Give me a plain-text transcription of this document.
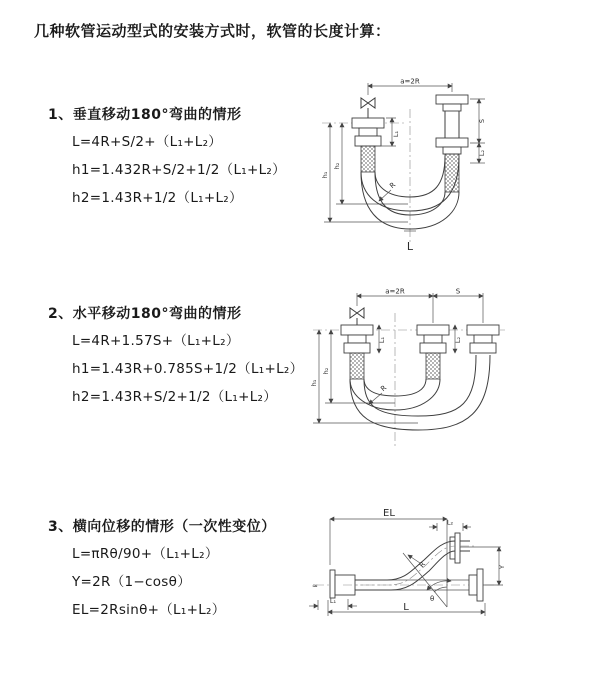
几种软管运动型式的安装方式时，软管的长度计算：
1、垂直移动180°弯曲的情形
L=4R+S/2+（L₁+L₂）
h1=1.432R+S/2+1/2（L₁+L₂）
h2=1.43R+1/2（L₁+L₂）
2、水平移动180°弯曲的情形
L=4R+1.57S+（L₁+L₂）
h1=1.43R+0.785S+1/2（L₁+L₂）
h2=1.43R+S/2+1/2（L₁+L₂）
3、横向位移的情形（一次性变位）
L=πRθ/90+（L₁+L₂）
Y=2R（1−cosθ）
EL=2Rsinθ+（L₁+L₂）
a=2R
L₁
S
L₂
h₁
h₂
R
L
a=2R	S
L₁	L₂
h₁
h₂
R
≈
EL
L₂
θ
R	Y
L₁
L
